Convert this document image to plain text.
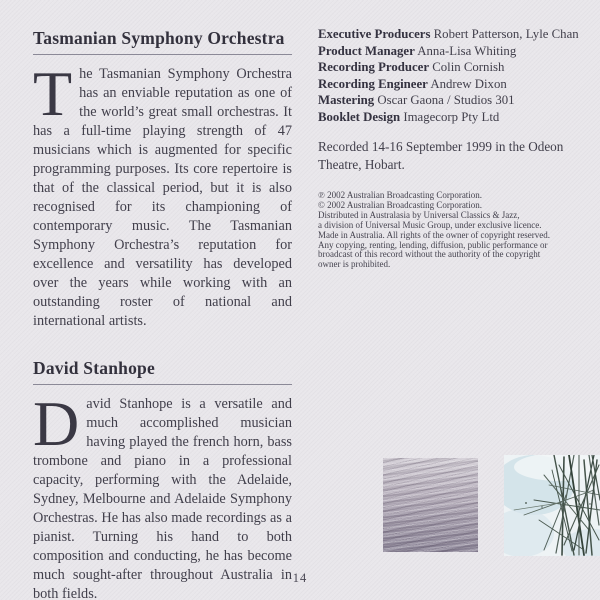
Tasmanian Symphony Orchestra
The Tasmanian Symphony Orchestra has an enviable reputation as one of the world’s great small orchestras. It has a full-time playing strength of 47 musicians which is augmented for specific programming purposes. Its core repertoire is that of the classical period, but it is also recognised for its championing of contemporary music. The Tasmanian Symphony Orchestra’s reputation for excellence and versatility has developed over the years while working with an outstanding roster of national and international artists.
David Stanhope
David Stanhope is a versatile and much accomplished musician having played the french horn, bass trombone and piano in a professional capacity, performing with the Adelaide, Sydney, Melbourne and Adelaide Symphony Orchestras. He has also made recordings as a pianist. Turning his hand to both composition and conducting, he has become much sought-after throughout Australia in both fields.
Executive Producers Robert Patterson, Lyle Chan
Product Manager Anna-Lisa Whiting
Recording Producer Colin Cornish
Recording Engineer Andrew Dixon
Mastering Oscar Gaona / Studios 301
Booklet Design Imagecorp Pty Ltd
Recorded 14-16 September 1999 in the Odeon Theatre, Hobart.
℗ 2002 Australian Broadcasting Corporation.
© 2002 Australian Broadcasting Corporation.
Distributed in Australasia by Universal Classics & Jazz,
a division of Universal Music Group, under exclusive licence.
Made in Australia. All rights of the owner of copyright reserved.
Any copying, renting, lending, diffusion, public performance or
broadcast of this record without the authority of the copyright
owner is prohibited.
14
